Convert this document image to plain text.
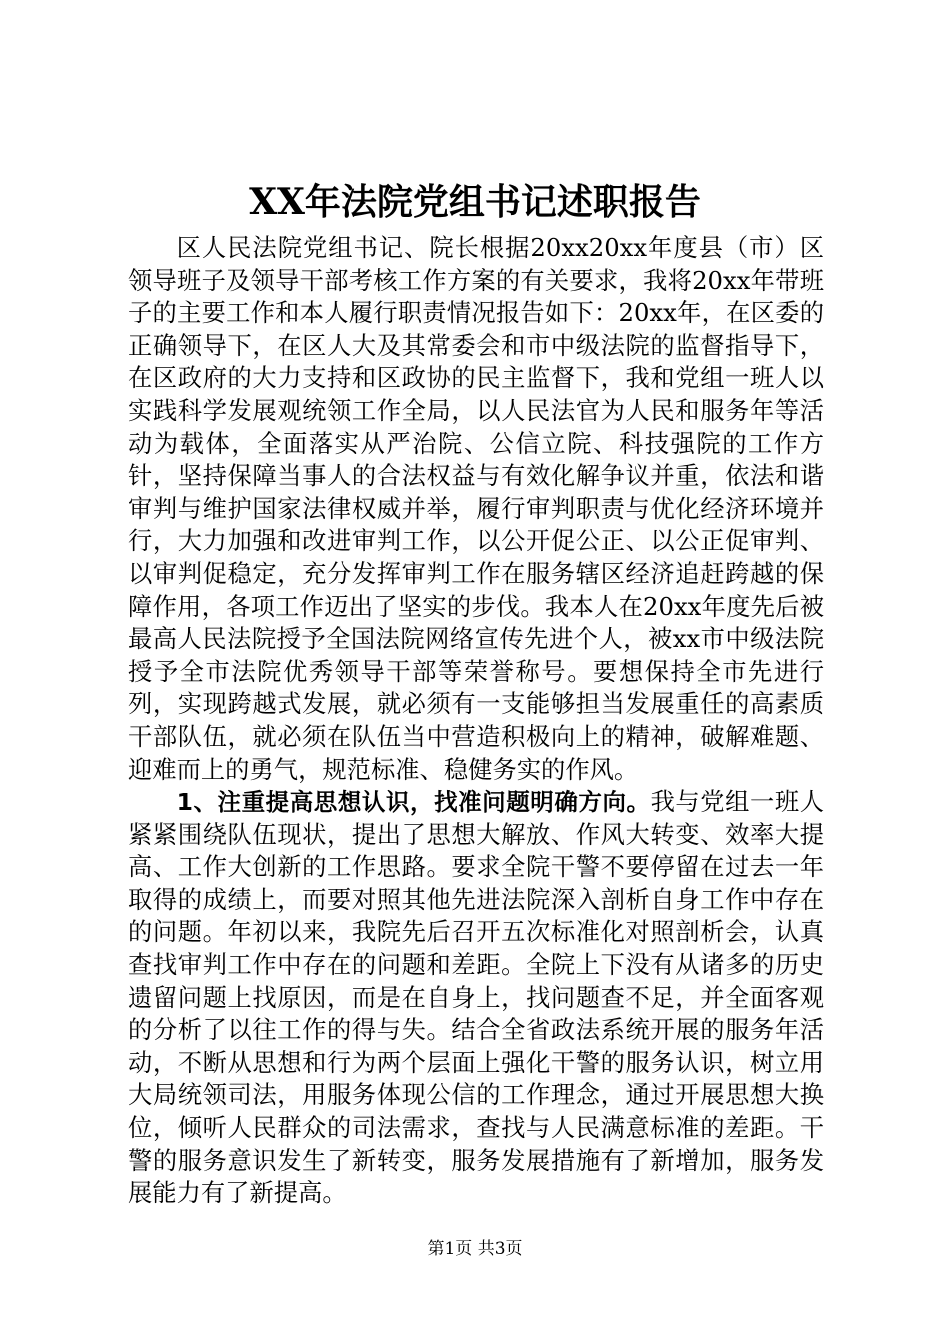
XX年法院党组书记述职报告

区人民法院党组书记、院长根据20xx20xx年度县（市）区领导班子及领导干部考核工作方案的有关要求，我将20xx年带班子的主要工作和本人履行职责情况报告如下：20xx年，在区委的正确领导下，在区人大及其常委会和市中级法院的监督指导下，在区政府的大力支持和区政协的民主监督下，我和党组一班人以实践科学发展观统领工作全局，以人民法官为人民和服务年等活动为载体，全面落实从严治院、公信立院、科技强院的工作方针，坚持保障当事人的合法权益与有效化解争议并重，依法和谐审判与维护国家法律权威并举，履行审判职责与优化经济环境并行，大力加强和改进审判工作，以公开促公正、以公正促审判、以审判促稳定，充分发挥审判工作在服务辖区经济追赶跨越的保障作用，各项工作迈出了坚实的步伐。我本人在20xx年度先后被最高人民法院授予全国法院网络宣传先进个人，被xx市中级法院授予全市法院优秀领导干部等荣誉称号。要想保持全市先进行列，实现跨越式发展，就必须有一支能够担当发展重任的高素质干部队伍，就必须在队伍当中营造积极向上的精神，破解难题、迎难而上的勇气，规范标准、稳健务实的作风。

1、注重提高思想认识，找准问题明确方向。我与党组一班人紧紧围绕队伍现状，提出了思想大解放、作风大转变、效率大提高、工作大创新的工作思路。要求全院干警不要停留在过去一年取得的成绩上，而要对照其他先进法院深入剖析自身工作中存在的问题。年初以来，我院先后召开五次标准化对照剖析会，认真查找审判工作中存在的问题和差距。全院上下没有从诸多的历史遗留问题上找原因，而是在自身上，找问题查不足，并全面客观的分析了以往工作的得与失。结合全省政法系统开展的服务年活动，不断从思想和行为两个层面上强化干警的服务认识，树立用大局统领司法，用服务体现公信的工作理念，通过开展思想大换位，倾听人民群众的司法需求，查找与人民满意标准的差距。干警的服务意识发生了新转变，服务发展措施有了新增加，服务发展能力有了新提高。

第1页 共3页
